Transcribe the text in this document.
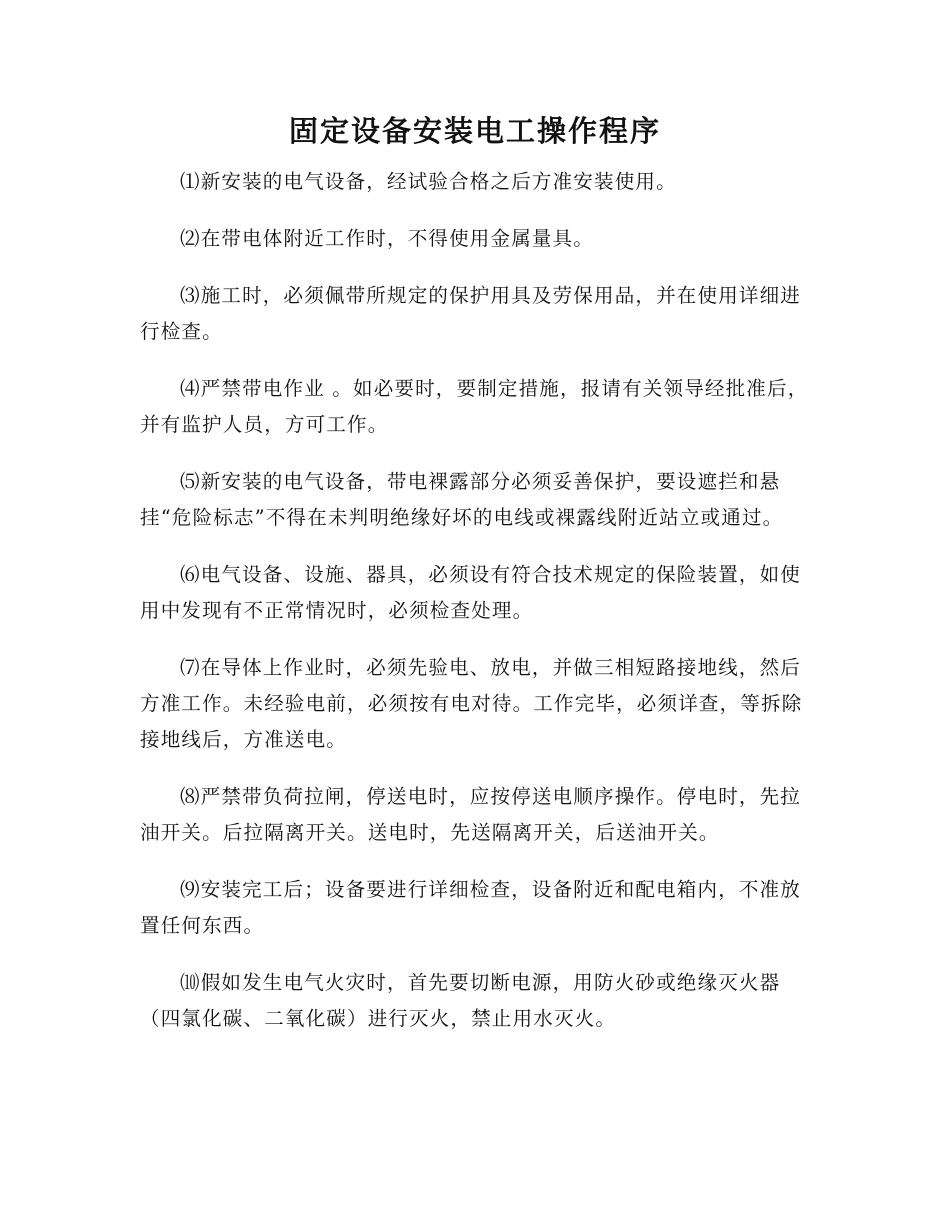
固定设备安装电工操作程序

⑴新安装的电气设备，经试验合格之后方准安装使用。

⑵在带电体附近工作时，不得使用金属量具。

⑶施工时，必须佩带所规定的保护用具及劳保用品，并在使用详细进行检查。

⑷严禁带电作业 。如必要时，要制定措施，报请有关领导经批准后，并有监护人员，方可工作。

⑸新安装的电气设备，带电裸露部分必须妥善保护，要设遮拦和悬挂“危险标志”不得在未判明绝缘好坏的电线或裸露线附近站立或通过。

⑹电气设备、设施、器具，必须设有符合技术规定的保险装置，如使用中发现有不正常情况时，必须检查处理。

⑺在导体上作业时，必须先验电、放电，并做三相短路接地线，然后方准工作。未经验电前，必须按有电对待。工作完毕，必须详查，等拆除接地线后，方准送电。

⑻严禁带负荷拉闸，停送电时，应按停送电顺序操作。停电时，先拉油开关。后拉隔离开关。送电时，先送隔离开关，后送油开关。

⑼安装完工后；设备要进行详细检查，设备附近和配电箱内，不准放置任何东西。

⑽假如发生电气火灾时，首先要切断电源，用防火砂或绝缘灭火器（四氯化碳、二氧化碳）进行灭火，禁止用水灭火。
